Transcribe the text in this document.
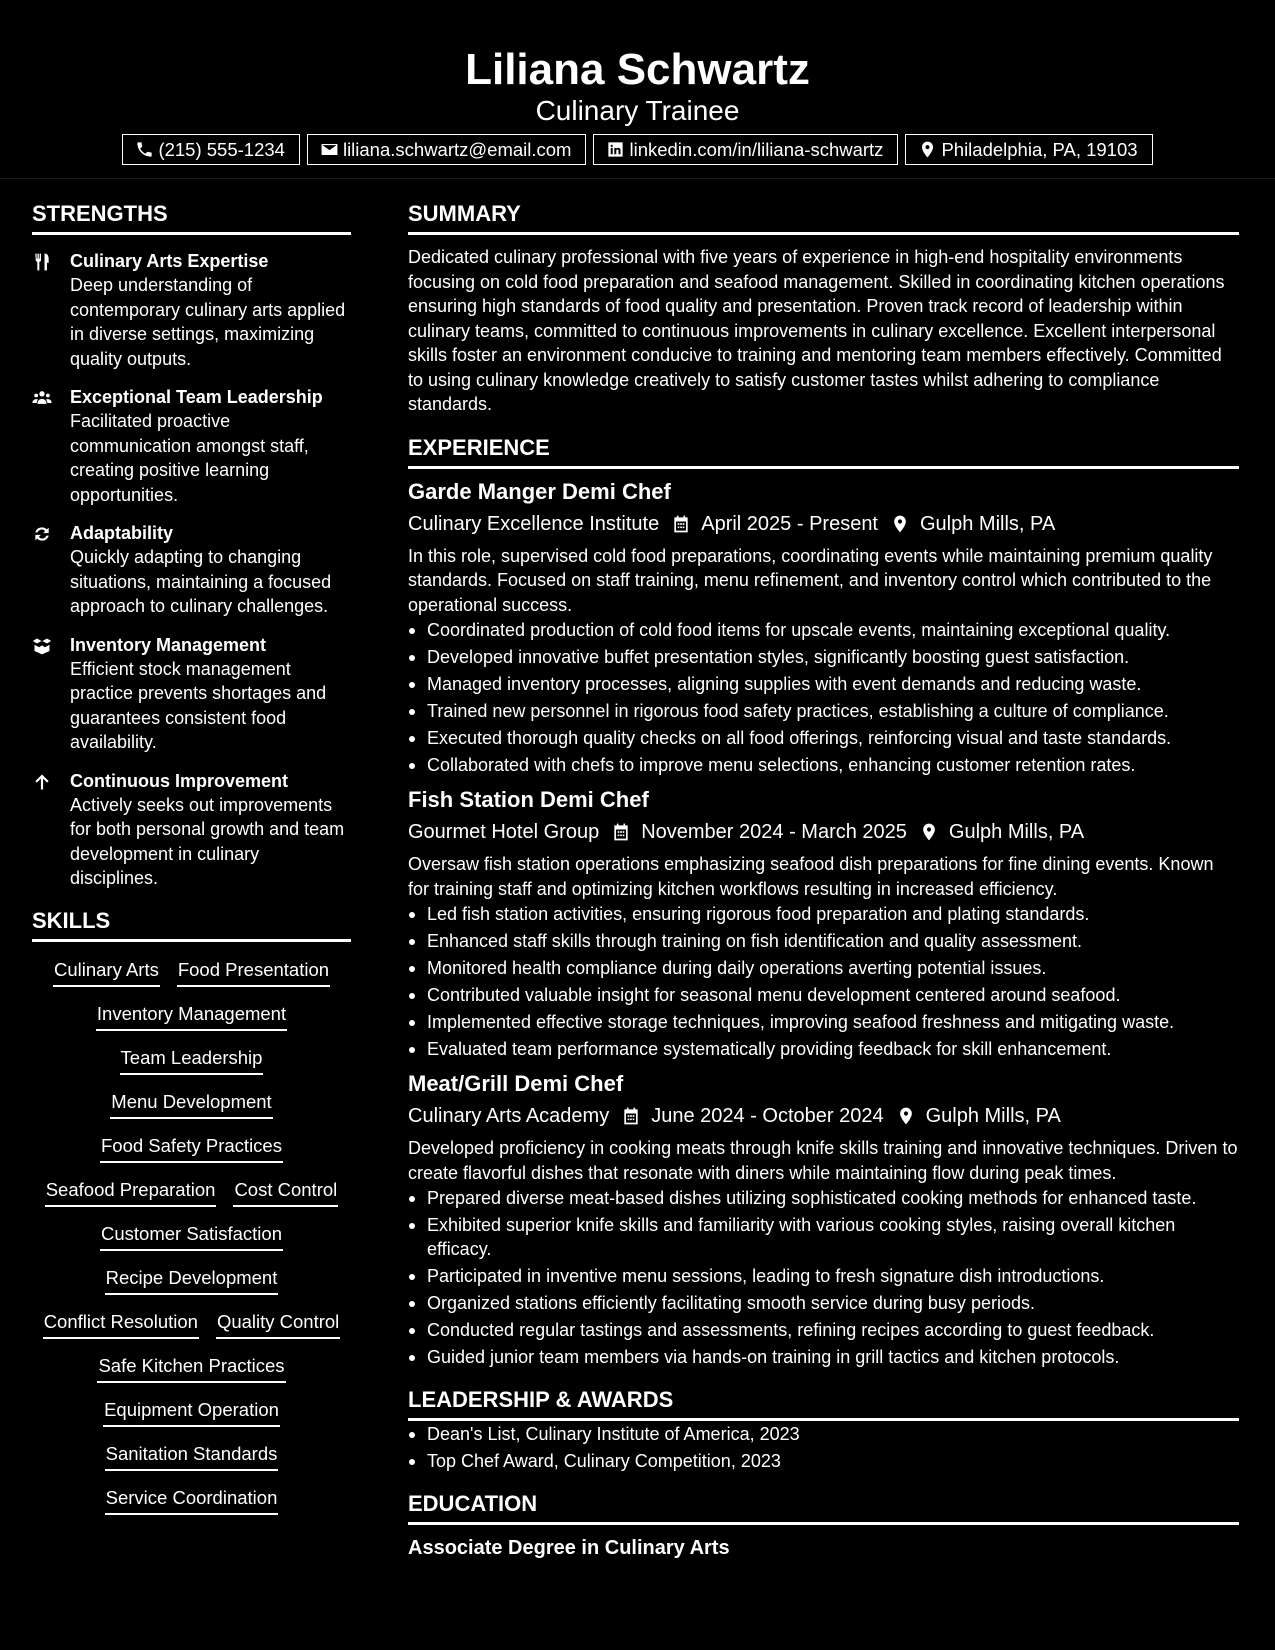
Liliana Schwartz
Culinary Trainee
(215) 555-1234	liliana.schwartz@email.com	linkedin.com/in/liliana-schwartz	Philadelphia, PA, 19103
STRENGTHS
Culinary Arts Expertise
Deep understanding of contemporary culinary arts applied in diverse settings, maximizing quality outputs.
Exceptional Team Leadership
Facilitated proactive communication amongst staff, creating positive learning opportunities.
Adaptability
Quickly adapting to changing situations, maintaining a focused approach to culinary challenges.
Inventory Management
Efficient stock management practice prevents shortages and guarantees consistent food availability.
Continuous Improvement
Actively seeks out improvements for both personal growth and team development in culinary disciplines.
SKILLS
Culinary Arts Food Presentation
Inventory Management
Team Leadership
Menu Development
Food Safety Practices
Seafood Preparation Cost Control
Customer Satisfaction
Recipe Development
Conflict Resolution Quality Control
Safe Kitchen Practices
Equipment Operation
Sanitation Standards
Service Coordination
SUMMARY
Dedicated culinary professional with five years of experience in high-end hospitality environments focusing on cold food preparation and seafood management. Skilled in coordinating kitchen operations ensuring high standards of food quality and presentation. Proven track record of leadership within culinary teams, committed to continuous improvements in culinary excellence. Excellent interpersonal skills foster an environment conducive to training and mentoring team members effectively. Committed to using culinary knowledge creatively to satisfy customer tastes whilst adhering to compliance standards.
EXPERIENCE
Garde Manger Demi Chef
Culinary Excellence Institute April 2025 - Present Gulph Mills, PA
In this role, supervised cold food preparations, coordinating events while maintaining premium quality standards. Focused on staff training, menu refinement, and inventory control which contributed to the operational success.
Coordinated production of cold food items for upscale events, maintaining exceptional quality.
Developed innovative buffet presentation styles, significantly boosting guest satisfaction.
Managed inventory processes, aligning supplies with event demands and reducing waste.
Trained new personnel in rigorous food safety practices, establishing a culture of compliance.
Executed thorough quality checks on all food offerings, reinforcing visual and taste standards.
Collaborated with chefs to improve menu selections, enhancing customer retention rates.
Fish Station Demi Chef
Gourmet Hotel Group November 2024 - March 2025 Gulph Mills, PA
Oversaw fish station operations emphasizing seafood dish preparations for fine dining events. Known for training staff and optimizing kitchen workflows resulting in increased efficiency.
Led fish station activities, ensuring rigorous food preparation and plating standards.
Enhanced staff skills through training on fish identification and quality assessment.
Monitored health compliance during daily operations averting potential issues.
Contributed valuable insight for seasonal menu development centered around seafood.
Implemented effective storage techniques, improving seafood freshness and mitigating waste.
Evaluated team performance systematically providing feedback for skill enhancement.
Meat/Grill Demi Chef
Culinary Arts Academy June 2024 - October 2024 Gulph Mills, PA
Developed proficiency in cooking meats through knife skills training and innovative techniques. Driven to create flavorful dishes that resonate with diners while maintaining flow during peak times.
Prepared diverse meat-based dishes utilizing sophisticated cooking methods for enhanced taste.
Exhibited superior knife skills and familiarity with various cooking styles, raising overall kitchen efficacy.
Participated in inventive menu sessions, leading to fresh signature dish introductions.
Organized stations efficiently facilitating smooth service during busy periods.
Conducted regular tastings and assessments, refining recipes according to guest feedback.
Guided junior team members via hands-on training in grill tactics and kitchen protocols.
LEADERSHIP & AWARDS
Dean's List, Culinary Institute of America, 2023
Top Chef Award, Culinary Competition, 2023
EDUCATION
Associate Degree in Culinary Arts
